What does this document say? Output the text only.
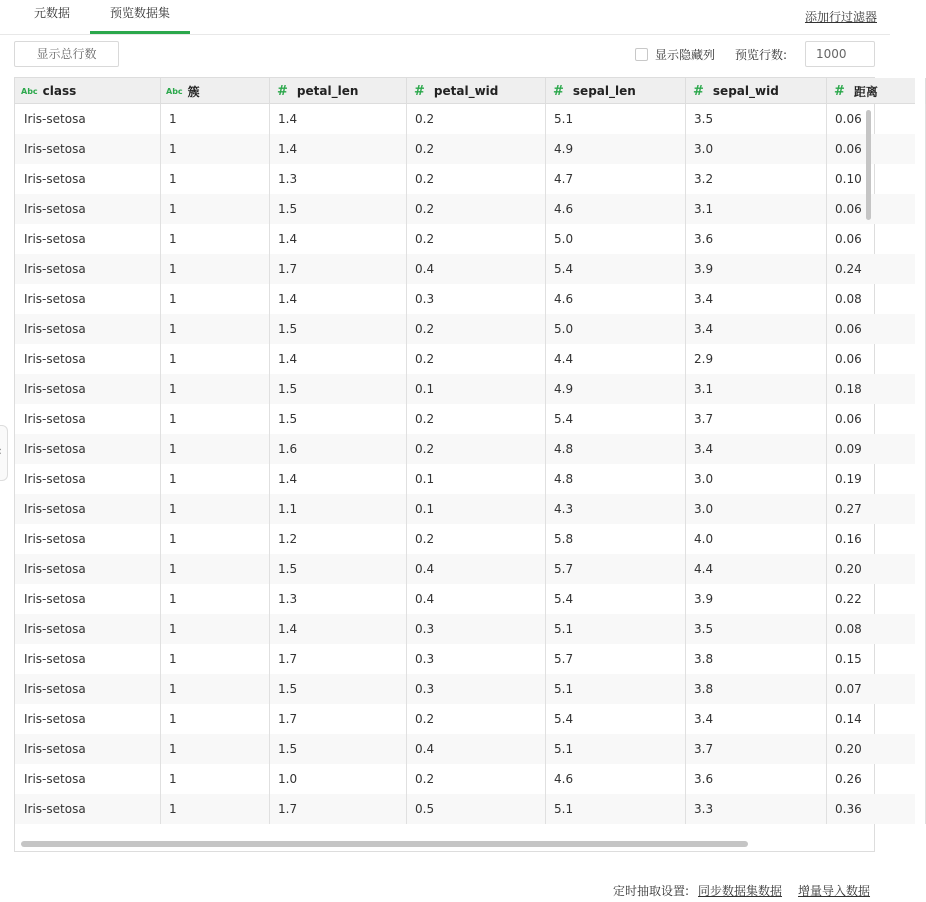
元数据	预览数据集	添加行过滤器
显示总行数	显示隐藏列 预览行数:
1000
Abc class	Abc 簇	# petal_len	# petal_wid	# sepal_len	# sepal_wid	# 距离
Iris-setosa	1	1.4	0.2	5.1	3.5	0.06
Iris-setosa	1	1.4	0.2	4.9	3.0	0.06
Iris-setosa	1	1.3	0.2	4.7	3.2	0.10
Iris-setosa	1	1.5	0.2	4.6	3.1	0.06
Iris-setosa	1	1.4	0.2	5.0	3.6	0.06
Iris-setosa	1	1.7	0.4	5.4	3.9	0.24
Iris-setosa	1	1.4	0.3	4.6	3.4	0.08
Iris-setosa	1	1.5	0.2	5.0	3.4	0.06
Iris-setosa	1	1.4	0.2	4.4	2.9	0.06
Iris-setosa	1	1.5	0.1	4.9	3.1	0.18
Iris-setosa	1	1.5	0.2	5.4	3.7	0.06
Iris-setosa	1	1.6	0.2	4.8	3.4	0.09
Iris-setosa	1	1.4	0.1	4.8	3.0	0.19
Iris-setosa	1	1.1	0.1	4.3	3.0	0.27
Iris-setosa	1	1.2	0.2	5.8	4.0	0.16
Iris-setosa	1	1.5	0.4	5.7	4.4	0.20
Iris-setosa	1	1.3	0.4	5.4	3.9	0.22
Iris-setosa	1	1.4	0.3	5.1	3.5	0.08
Iris-setosa	1	1.7	0.3	5.7	3.8	0.15
Iris-setosa	1	1.5	0.3	5.1	3.8	0.07
Iris-setosa	1	1.7	0.2	5.4	3.4	0.14
Iris-setosa	1	1.5	0.4	5.1	3.7	0.20
Iris-setosa	1	1.0	0.2	4.6	3.6	0.26
Iris-setosa	1	1.7	0.5	5.1	3.3	0.36
定时抽取设置: 同步数据集数据 增量导入数据
